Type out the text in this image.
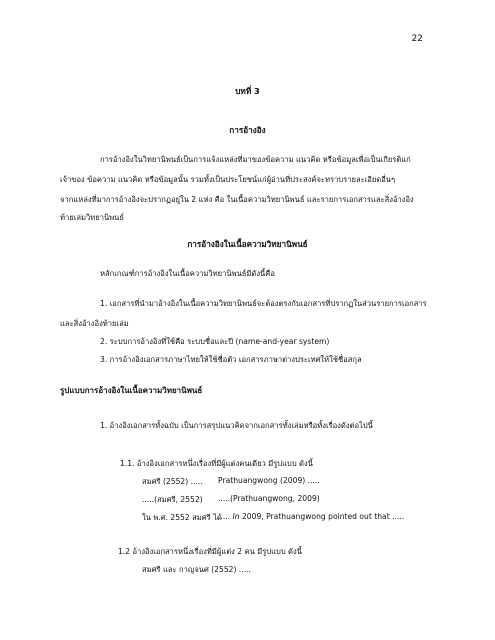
22
บทที่ 3
การอ้างอิง
การอ้างอิงในวิทยานิพนธ์เป็นการแจ้งแหล่งที่มาของข้อความ แนวคิด หรือข้อมูลเพื่อเป็นเกียรติแก่
เจ้าของ ข้อความ แนวคิด หรือข้อมูลนั้น รวมทั้งเป็นประโยชน์แก่ผู้อ่านที่ประสงค์จะทราบรายละเอียดอื่นๆ
จากแหล่งที่มาการอ้างอิงจะปรากฏอยู่ใน 2 แห่ง คือ ในเนื้อความวิทยานิพนธ์ และรายการเอกสารและสิ่งอ้างอิง
ท้ายเล่มวิทยานิพนธ์
การอ้างอิงในเนื้อความวิทยานิพนธ์
หลักเกณฑ์การอ้างอิงในเนื้อความวิทยานิพนธ์มีดังนี้คือ
1. เอกสารที่นำมาอ้างอิงในเนื้อความวิทยานิพนธ์จะต้องตรงกับเอกสารที่ปรากฏในส่วนรายการเอกสาร
และสิ่งอ้างอิงท้ายเล่ม
2. ระบบการอ้างอิงที่ใช้คือ ระบบชื่อและปี (name-and-year system)
3. การอ้างอิงเอกสารภาษาไทยให้ใช้ชื่อตัว เอกสารภาษาต่างประเทศให้ใช้ชื่อสกุล
รูปแบบการอ้างอิงในเนื้อความวิทยานิพนธ์
1. อ้างอิงเอกสารทั้งฉบับ เป็นการสรุปแนวคิดจากเอกสารทั้งเล่มหรือทั้งเรื่องดังต่อไปนี้
1.1. อ้างอิงเอกสารหนึ่งเรื่องที่มีผู้แต่งคนเดียว มีรูปแบบ ดังนี้
สมศรี (2552) ..... Prathuangwong (2009) .....
.....(สมศรี, 2552) .....(Prathuangwong, 2009)
ใน พ.ศ. 2552 สมศรี ได้
..... In 2009, Prathuangwong pointed out that .....
1.2 อ้างอิงเอกสารหนึ่งเรื่องที่มีผู้แต่ง 2 คน มีรูปแบบ ดังนี้
สมศรี และ กาญจนศ (2552) .....
